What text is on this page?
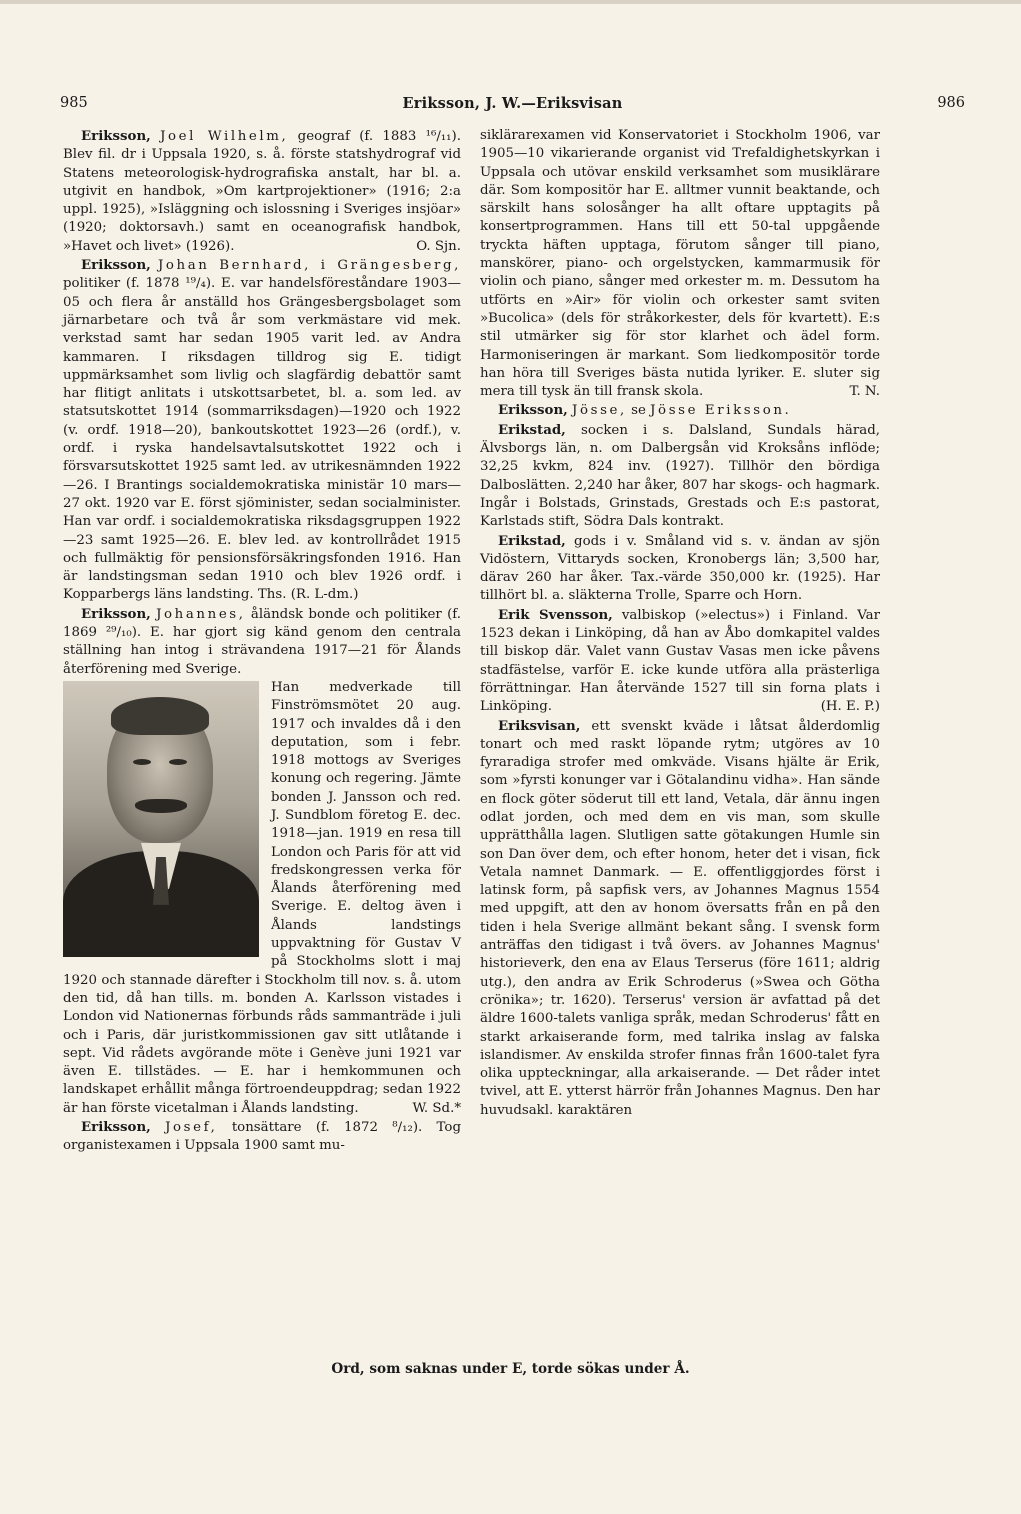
985	Eriksson, J. W.—Eriksvisan	986

Eriksson, Joel Wilhelm, geograf (f. 1883 ¹⁶/₁₁). Blev fil. dr i Uppsala 1920, s. å. förste statshydrograf vid Statens meteorologisk-hydrografiska anstalt, har bl. a. utgivit en handbok, »Om kartprojektioner» (1916; 2:a uppl. 1925), »Isläggning och islossning i Sveriges insjöar» (1920; doktorsavh.) samt en oceanografisk handbok, »Havet och livet» (1926).	O. Sjn.

Eriksson, Johan Bernhard, i Grängesberg, politiker (f. 1878 ¹⁹/₄). E. var handelsföreståndare 1903—05 och flera år anställd hos Grängesbergsbolaget som järnarbetare och två år som verkmästare vid mek. verkstad samt har sedan 1905 varit led. av Andra kammaren. I riksdagen tilldrog sig E. tidigt uppmärksamhet som livlig och slagfärdig debattör samt har flitigt anlitats i utskottsarbetet, bl. a. som led. av statsutskottet 1914 (sommarriksdagen)—1920 och 1922 (v. ordf. 1918—20), bankoutskottet 1923—26 (ordf.), v. ordf. i ryska handelsavtalsutskottet 1922 och i försvarsutskottet 1925 samt led. av utrikesnämnden 1922—26. I Brantings socialdemokratiska ministär 10 mars—27 okt. 1920 var E. först sjöminister, sedan socialminister. Han var ordf. i socialdemokratiska riksdagsgruppen 1922—23 samt 1925—26. E. blev led. av kontrollrådet 1915 och fullmäktig för pensionsförsäkringsfonden 1916. Han är landstingsman sedan 1910 och blev 1926 ordf. i Kopparbergs läns landsting. Ths. (R. L-dm.)

Eriksson, Johannes, åländsk bonde och politiker (f. 1869 ²⁹/₁₀). E. har gjort sig känd genom den centrala ställning han intog i strävandena 1917—21 för Ålands återförening med Sverige.

Han medverkade till Finströmsmötet 20 aug. 1917 och invaldes då i den deputation, som i febr. 1918 mottogs av Sveriges konung och regering. Jämte bonden J. Jansson och red. J. Sundblom företog E. dec. 1918—jan. 1919 en resa till London och Paris för att vid fredskongressen verka för Ålands återförening med Sverige. E. deltog även i Ålands landstings uppvaktning för Gustav V på Stockholms slott i maj 1920 och stannade därefter i Stockholm till nov. s. å. utom den tid, då han tills. m. bonden A. Karlsson vistades i London vid Nationernas förbunds råds sammanträde i juli och i Paris, där juristkommissionen gav sitt utlåtande i sept. Vid rådets avgörande möte i Genève juni 1921 var även E. tillstädes. — E. har i hemkommunen och landskapet erhållit många förtroendeuppdrag; sedan 1922 är han förste vicetalman i Ålands landsting.	W. Sd.*

Eriksson, Josef, tonsättare (f. 1872 ⁸/₁₂). Tog organistexamen i Uppsala 1900 samt mu-

siklärarexamen vid Konservatoriet i Stockholm 1906, var 1905—10 vikarierande organist vid Trefaldighetskyrkan i Uppsala och utövar enskild verksamhet som musiklärare där. Som kompositör har E. alltmer vunnit beaktande, och särskilt hans solosånger ha allt oftare upptagits på konsertprogrammen. Hans till ett 50-tal uppgående tryckta häften upptaga, förutom sånger till piano, manskörer, piano- och orgelstycken, kammarmusik för violin och piano, sånger med orkester m. m. Dessutom ha utförts en »Air» för violin och orkester samt sviten »Bucolica» (dels för stråkorkester, dels för kvartett). E:s stil utmärker sig för stor klarhet och ädel form. Harmoniseringen är markant. Som liedkompositör torde han höra till Sveriges bästa nutida lyriker. E. sluter sig mera till tysk än till fransk skola.	T. N.

Eriksson, Jösse, se Jösse Eriksson.

Erikstad, socken i s. Dalsland, Sundals härad, Älvsborgs län, n. om Dalbergsån vid Kroksåns inflöde; 32,25 kvkm, 824 inv. (1927). Tillhör den bördiga Dalboslätten. 2,240 har åker, 807 har skogs- och hagmark. Ingår i Bolstads, Grinstads, Grestads och E:s pastorat, Karlstads stift, Södra Dals kontrakt.

Erikstad, gods i v. Småland vid s. v. ändan av sjön Vidöstern, Vittaryds socken, Kronobergs län; 3,500 har, därav 260 har åker. Tax.-värde 350,000 kr. (1925). Har tillhört bl. a. släkterna Trolle, Sparre och Horn.

Erik Svensson, valbiskop (»electus») i Finland. Var 1523 dekan i Linköping, då han av Åbo domkapitel valdes till biskop där. Valet vann Gustav Vasas men icke påvens stadfästelse, varför E. icke kunde utföra alla prästerliga förrättningar. Han återvände 1527 till sin forna plats i Linköping.	(H. E. P.)

Eriksvisan, ett svenskt kväde i låtsat ålderdomlig tonart och med raskt löpande rytm; utgöres av 10 fyraradiga strofer med omkväde. Visans hjälte är Erik, som »fyrsti konunger var i Götalandinu vidha». Han sände en flock göter söderut till ett land, Vetala, där ännu ingen odlat jorden, och med dem en vis man, som skulle upprätthålla lagen. Slutligen satte götakungen Humle sin son Dan över dem, och efter honom, heter det i visan, fick Vetala namnet Danmark. — E. offentliggjordes först i latinsk form, på sapfisk vers, av Johannes Magnus 1554 med uppgift, att den av honom översatts från en på den tiden i hela Sverige allmänt bekant sång. I svensk form anträffas den tidigast i två övers. av Johannes Magnus' historieverk, den ena av Elaus Terserus (före 1611; aldrig utg.), den andra av Erik Schroderus (»Swea och Götha crönika»; tr. 1620). Terserus' version är avfattad på det äldre 1600-talets vanliga språk, medan Schroderus' fått en starkt arkaiserande form, med talrika inslag av falska islandismer. Av enskilda strofer finnas från 1600-talet fyra olika uppteckningar, alla arkaiserande. — Det råder intet tvivel, att E. ytterst härrör från Johannes Magnus. Den har huvudsakl. karaktären

Ord, som saknas under E, torde sökas under Å.
